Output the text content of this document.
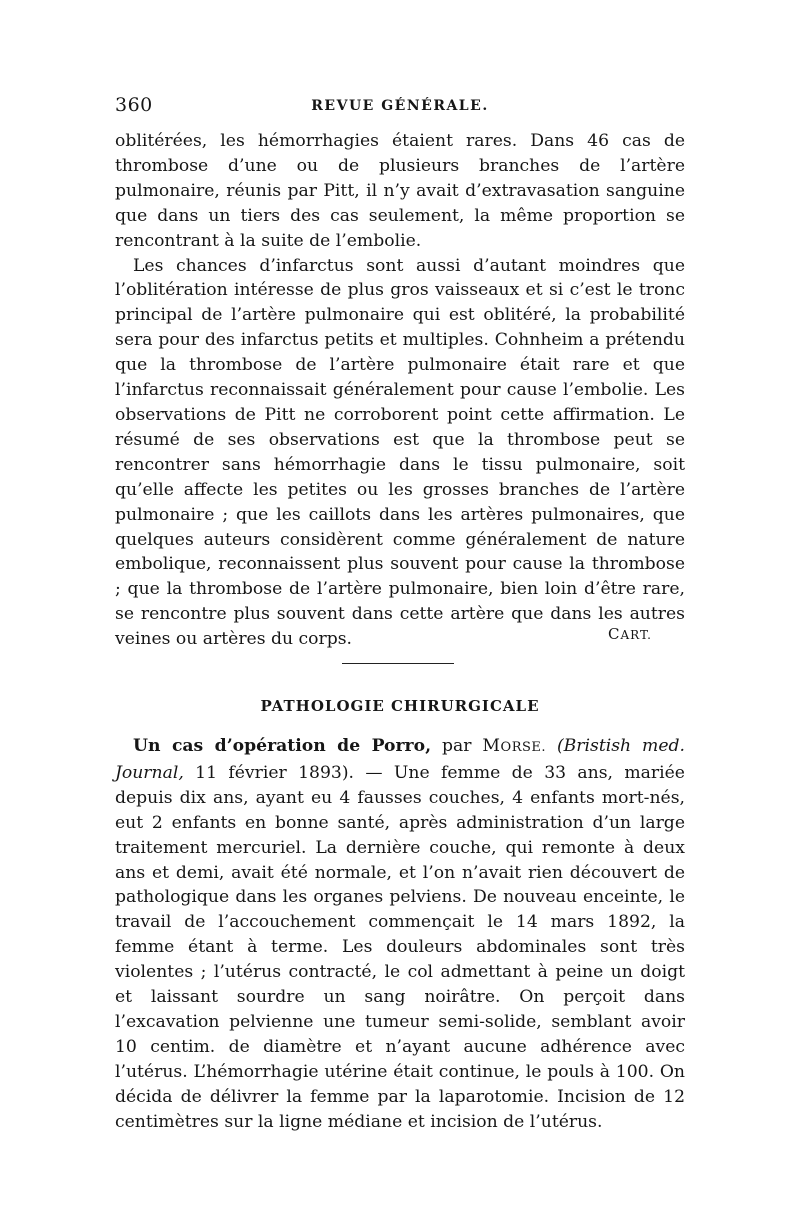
360	REVUE GÉNÉRALE.

oblitérées, les hémorrhagies étaient rares. Dans 46 cas de thrombose d’une ou de plusieurs branches de l’artère pulmonaire, réunis par Pitt, il n’y avait d’extravasation sanguine que dans un tiers des cas seulement, la même proportion se rencontrant à la suite de l’embolie.

Les chances d’infarctus sont aussi d’autant moindres que l’oblitération intéresse de plus gros vaisseaux et si c’est le tronc principal de l’artère pulmonaire qui est oblitéré, la probabilité sera pour des infarctus petits et multiples. Cohnheim a prétendu que la thrombose de l’artère pulmonaire était rare et que l’infarctus reconnaissait généralement pour cause l’embolie. Les observations de Pitt ne corroborent point cette affirmation. Le résumé de ses observations est que la thrombose peut se rencontrer sans hémorrhagie dans le tissu pulmonaire, soit qu’elle affecte les petites ou les grosses branches de l’artère pulmonaire ; que les caillots dans les artères pulmonaires, que quelques auteurs considèrent comme généralement de nature embolique, reconnaissent plus souvent pour cause la thrombose ; que la thrombose de l’artère pulmonaire, bien loin d’être rare, se rencontre plus souvent dans cette artère que dans les autres veines ou artères du corps.	CART.
PATHOLOGIE CHIRURGICALE

Un cas d’opération de Porro, par MORSE. (Bristish med. Journal, 11 février 1893). — Une femme de 33 ans, mariée depuis dix ans, ayant eu 4 fausses couches, 4 enfants mort-nés, eut 2 enfants en bonne santé, après administration d’un large traitement mercuriel. La dernière couche, qui remonte à deux ans et demi, avait été normale, et l’on n’avait rien découvert de pathologique dans les organes pelviens. De nouveau enceinte, le travail de l’accouchement commençait le 14 mars 1892, la femme étant à terme. Les douleurs abdominales sont très violentes ; l’utérus contracté, le col admettant à peine un doigt et laissant sourdre un sang noirâtre. On perçoit dans l’excavation pelvienne une tumeur semi-solide, semblant avoir 10 centim. de diamètre et n’ayant aucune adhérence avec l’utérus. L’hémorrhagie utérine était continue, le pouls à 100. On décida de délivrer la femme par la laparotomie. Incision de 12 centimètres sur la ligne médiane et incision de l’utérus.
